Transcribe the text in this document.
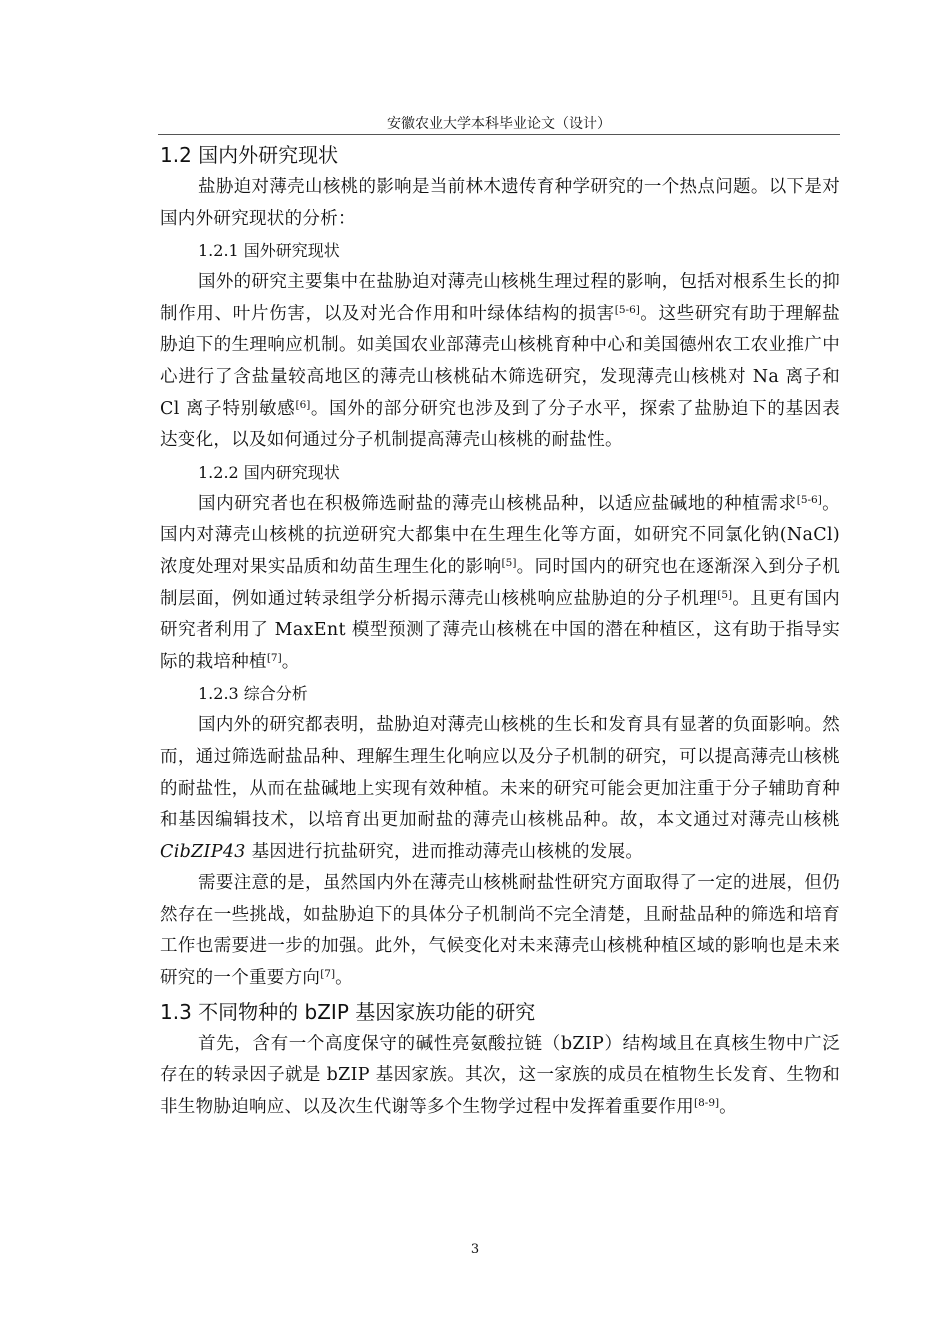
安徽农业大学本科毕业论文（设计）
1.2 国内外研究现状

盐胁迫对薄壳山核桃的影响是当前林木遗传育种学研究的一个热点问题。以下是对国内外研究现状的分析：

1.2.1 国外研究现状

国外的研究主要集中在盐胁迫对薄壳山核桃生理过程的影响，包括对根系生长的抑制作用、叶片伤害，以及对光合作用和叶绿体结构的损害[5-6]。这些研究有助于理解盐胁迫下的生理响应机制。如美国农业部薄壳山核桃育种中心和美国德州农工农业推广中心进行了含盐量较高地区的薄壳山核桃砧木筛选研究，发现薄壳山核桃对 Na 离子和 Cl 离子特别敏感[6]。国外的部分研究也涉及到了分子水平，探索了盐胁迫下的基因表达变化，以及如何通过分子机制提高薄壳山核桃的耐盐性。

1.2.2 国内研究现状

国内研究者也在积极筛选耐盐的薄壳山核桃品种，以适应盐碱地的种植需求[5-6]。国内对薄壳山核桃的抗逆研究大都集中在生理生化等方面，如研究不同氯化钠(NaCl)浓度处理对果实品质和幼苗生理生化的影响[5]。同时国内的研究也在逐渐深入到分子机制层面，例如通过转录组学分析揭示薄壳山核桃响应盐胁迫的分子机理[5]。且更有国内研究者利用了 MaxEnt 模型预测了薄壳山核桃在中国的潜在种植区，这有助于指导实际的栽培种植[7]。

1.2.3 综合分析

国内外的研究都表明，盐胁迫对薄壳山核桃的生长和发育具有显著的负面影响。然而，通过筛选耐盐品种、理解生理生化响应以及分子机制的研究，可以提高薄壳山核桃的耐盐性，从而在盐碱地上实现有效种植。未来的研究可能会更加注重于分子辅助育种和基因编辑技术，以培育出更加耐盐的薄壳山核桃品种。故，本文通过对薄壳山核桃 CibZIP43 基因进行抗盐研究，进而推动薄壳山核桃的发展。

需要注意的是，虽然国内外在薄壳山核桃耐盐性研究方面取得了一定的进展，但仍然存在一些挑战，如盐胁迫下的具体分子机制尚不完全清楚，且耐盐品种的筛选和培育工作也需要进一步的加强。此外，气候变化对未来薄壳山核桃种植区域的影响也是未来研究的一个重要方向[7]。

1.3 不同物种的 bZIP 基因家族功能的研究

首先，含有一个高度保守的碱性亮氨酸拉链（bZIP）结构域且在真核生物中广泛存在的转录因子就是 bZIP 基因家族。其次，这一家族的成员在植物生长发育、生物和非生物胁迫响应、以及次生代谢等多个生物学过程中发挥着重要作用[8-9]。

3
